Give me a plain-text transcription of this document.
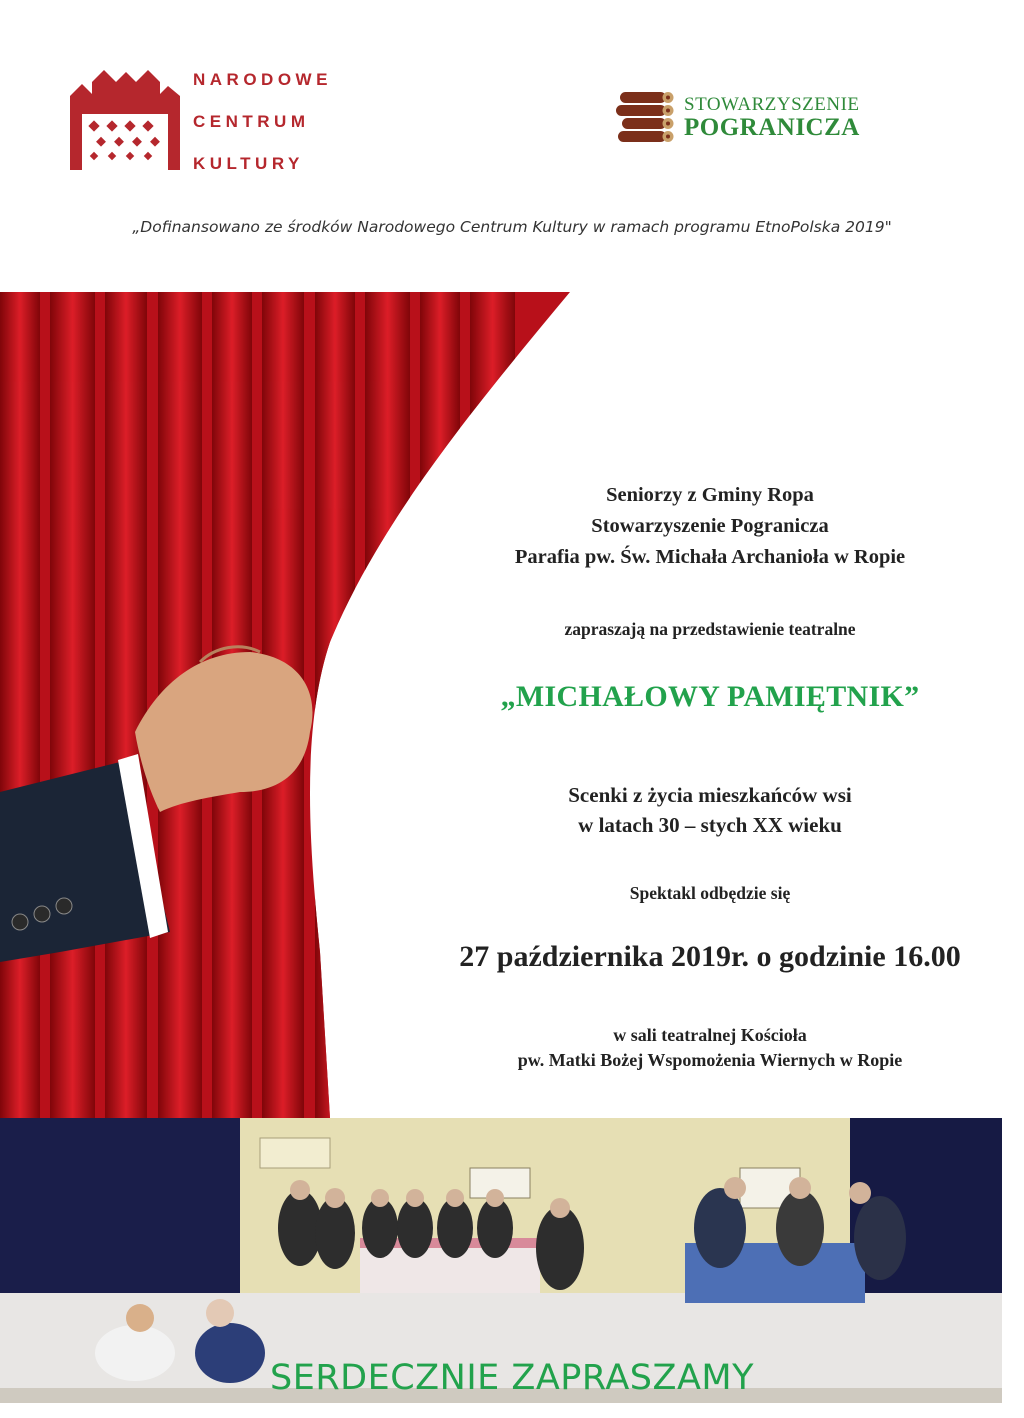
NARODOWE
CENTRUM
KULTURY
STOWARZYSZENIE
POGRANICZA
„Dofinansowano ze środków Narodowego Centrum Kultury w ramach programu EtnoPolska 2019"
Seniorzy z Gminy Ropa
Stowarzyszenie Pogranicza
Parafia pw. Św. Michała Archanioła w Ropie
zapraszają na przedstawienie teatralne
„MICHAŁOWY PAMIĘTNIK”
Scenki z życia mieszkańców wsi
w latach 30 – stych XX wieku
Spektakl odbędzie się
27 października 2019r. o godzinie 16.00
w sali teatralnej Kościoła
pw. Matki Bożej Wspomożenia Wiernych w Ropie
SERDECZNIE ZAPRASZAMY
